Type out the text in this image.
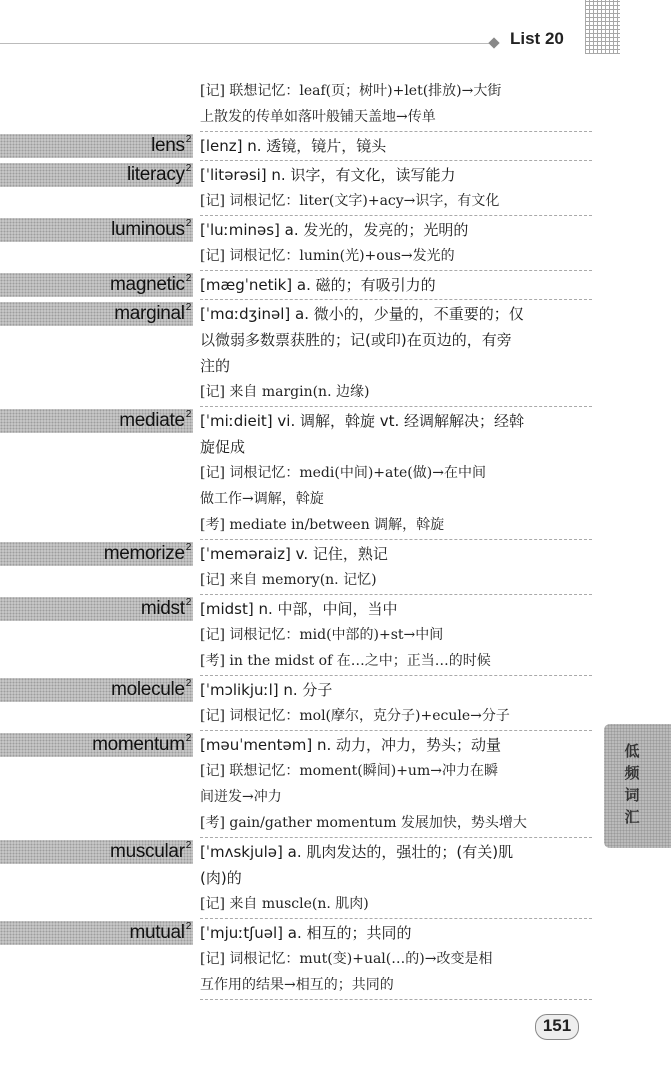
List 20
[记] 联想记忆：leaf(页；树叶)+let(排放)→大街
上散发的传单如落叶般铺天盖地→传单
lens$^2$ [lenz] n. 透镜，镜片，镜头
literacy$^2$ [ˈlitərəsi] n. 识字，有文化，读写能力
[记] 词根记忆：liter(文字)+acy→识字，有文化
luminous$^2$ [ˈluːminəs] a. 发光的，发亮的；光明的
[记] 词根记忆：lumin(光)+ous→发光的
magnetic$^2$ [mægˈnetik] a. 磁的；有吸引力的
marginal$^2$ [ˈmɑːdʒinəl] a. 微小的，少量的，不重要的；仅
以微弱多数票获胜的；记(或印)在页边的，有旁
注的
[记] 来自 margin(n. 边缘)
mediate$^2$ [ˈmiːdieit] vi. 调解，斡旋 vt. 经调解解决；经斡
旋促成
[记] 词根记忆：medi(中间)+ate(做)→在中间
做工作→调解，斡旋
[考] mediate in/between 调解，斡旋
memorize$^2$ [ˈmeməraiz] v. 记住，熟记
[记] 来自 memory(n. 记忆)
midst$^2$ [midst] n. 中部，中间，当中
[记] 词根记忆：mid(中部的)+st→中间
[考] in the midst of 在…之中；正当…的时候
molecule$^2$ [ˈmɔlikjuːl] n. 分子
[记] 词根记忆：mol(摩尔，克分子)+ecule→分子
momentum$^2$ [məuˈmentəm] n. 动力，冲力，势头；动量
[记] 联想记忆：moment(瞬间)+um→冲力在瞬
间迸发→冲力
[考] gain/gather momentum 发展加快，势头增大
muscular$^2$ [ˈmʌskjulə] a. 肌肉发达的，强壮的；(有关)肌
(肉)的
[记] 来自 muscle(n. 肌肉)
mutual$^2$ [ˈmjuːtʃuəl] a. 相互的；共同的
[记] 词根记忆：mut(变)+ual(…的)→改变是相
互作用的结果→相互的；共同的
低频词汇
151
